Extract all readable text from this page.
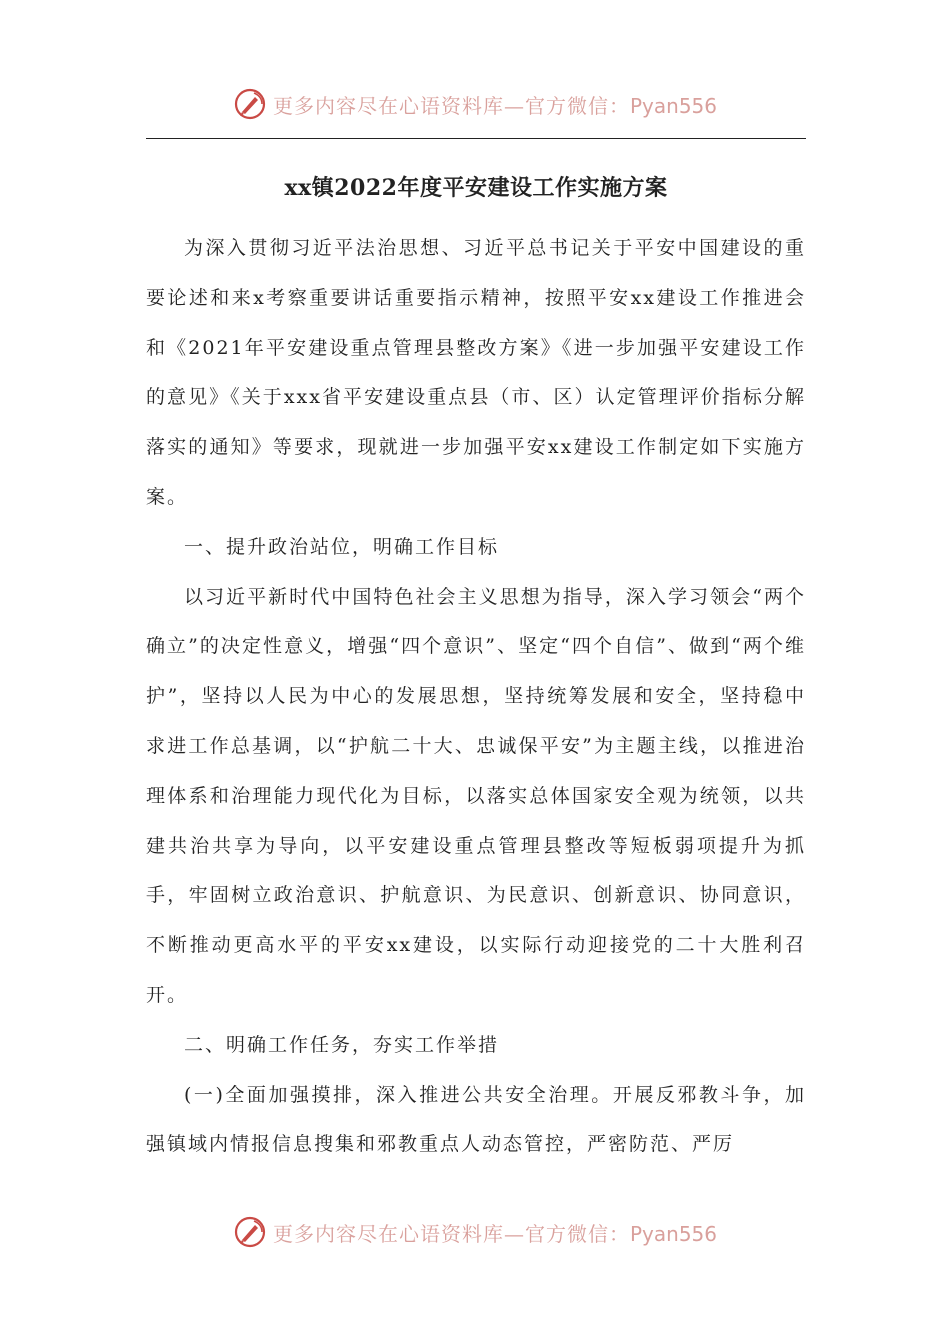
更多内容尽在心语资料库—官方微信：Pyan556
xx镇2022年度平安建设工作实施方案

为深入贯彻习近平法治思想、习近平总书记关于平安中国建设的重要论述和来x考察重要讲话重要指示精神，按照平安xx建设工作推进会和《2021年平安建设重点管理县整改方案》《进一步加强平安建设工作的意见》《关于xxx省平安建设重点县（市、区）认定管理评价指标分解落实的通知》等要求，现就进一步加强平安xx建设工作制定如下实施方案。

一、提升政治站位，明确工作目标

以习近平新时代中国特色社会主义思想为指导，深入学习领会“两个确立”的决定性意义，增强“四个意识”、坚定“四个自信”、做到“两个维护”，坚持以人民为中心的发展思想，坚持统筹发展和安全，坚持稳中求进工作总基调，以“护航二十大、忠诚保平安”为主题主线，以推进治理体系和治理能力现代化为目标，以落实总体国家安全观为统领，以共建共治共享为导向，以平安建设重点管理县整改等短板弱项提升为抓手，牢固树立政治意识、护航意识、为民意识、创新意识、协同意识，不断推动更高水平的平安xx建设，以实际行动迎接党的二十大胜利召开。

二、明确工作任务，夯实工作举措

(一)全面加强摸排，深入推进公共安全治理。开展反邪教斗争，加强镇域内情报信息搜集和邪教重点人动态管控，严密防范、严厉

更多内容尽在心语资料库—官方微信：Pyan556
